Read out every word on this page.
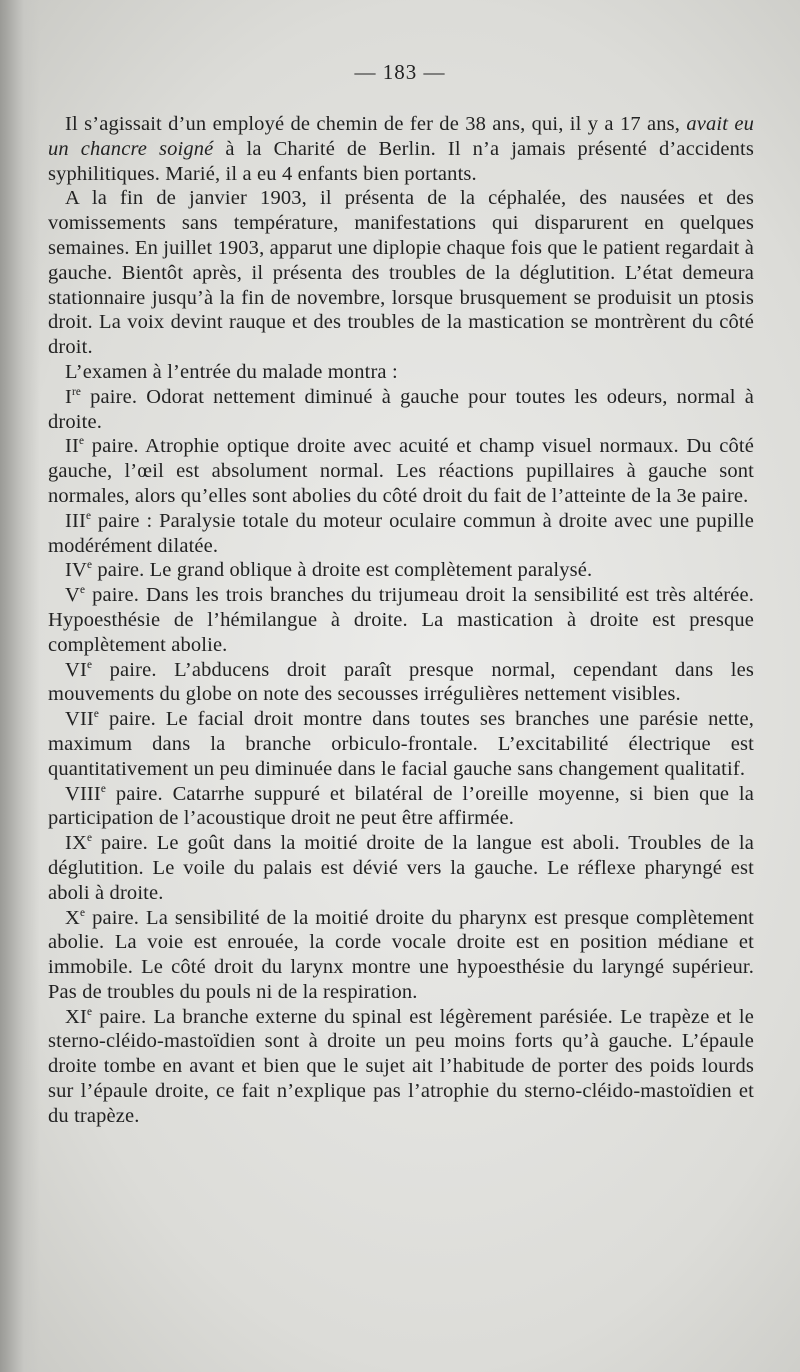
— 183 —

Il s’agissait d’un employé de chemin de fer de 38 ans, qui, il y a 17 ans, avait eu un chancre soigné à la Charité de Berlin. Il n’a jamais présenté d’accidents syphilitiques. Marié, il a eu 4 enfants bien portants.

A la fin de janvier 1903, il présenta de la céphalée, des nausées et des vomissements sans température, manifestations qui disparurent en quelques semaines. En juillet 1903, apparut une diplopie chaque fois que le patient regardait à gauche. Bientôt après, il présenta des troubles de la déglutition. L’état demeura stationnaire jusqu’à la fin de novembre, lorsque brusquement se produisit un ptosis droit. La voix devint rauque et des troubles de la mastication se montrèrent du côté droit.

L’examen à l’entrée du malade montra :

Ire paire. Odorat nettement diminué à gauche pour toutes les odeurs, normal à droite.

IIe paire. Atrophie optique droite avec acuité et champ visuel normaux. Du côté gauche, l’œil est absolument normal. Les réactions pupillaires à gauche sont normales, alors qu’elles sont abolies du côté droit du fait de l’atteinte de la 3e paire.

IIIe paire : Paralysie totale du moteur oculaire commun à droite avec une pupille modérément dilatée.

IVe paire. Le grand oblique à droite est complètement paralysé.

Ve paire. Dans les trois branches du trijumeau droit la sensibilité est très altérée. Hypoesthésie de l’hémilangue à droite. La mastication à droite est presque complètement abolie.

VIe paire. L’abducens droit paraît presque normal, cependant dans les mouvements du globe on note des secousses irrégulières nettement visibles.

VIIe paire. Le facial droit montre dans toutes ses branches une parésie nette, maximum dans la branche orbiculo-frontale. L’excitabilité électrique est quantitativement un peu diminuée dans le facial gauche sans changement qualitatif.

VIIIe paire. Catarrhe suppuré et bilatéral de l’oreille moyenne, si bien que la participation de l’acoustique droit ne peut être affirmée.

IXe paire. Le goût dans la moitié droite de la langue est aboli. Troubles de la déglutition. Le voile du palais est dévié vers la gauche. Le réflexe pharyngé est aboli à droite.

Xe paire. La sensibilité de la moitié droite du pharynx est presque complètement abolie. La voie est enrouée, la corde vocale droite est en position médiane et immobile. Le côté droit du larynx montre une hypoesthésie du laryngé supérieur. Pas de troubles du pouls ni de la respiration.

XIe paire. La branche externe du spinal est légèrement parésiée. Le trapèze et le sterno-cléido-mastoïdien sont à droite un peu moins forts qu’à gauche. L’épaule droite tombe en avant et bien que le sujet ait l’habitude de porter des poids lourds sur l’épaule droite, ce fait n’explique pas l’atrophie du sterno-cléido-mastoïdien et du trapèze.
